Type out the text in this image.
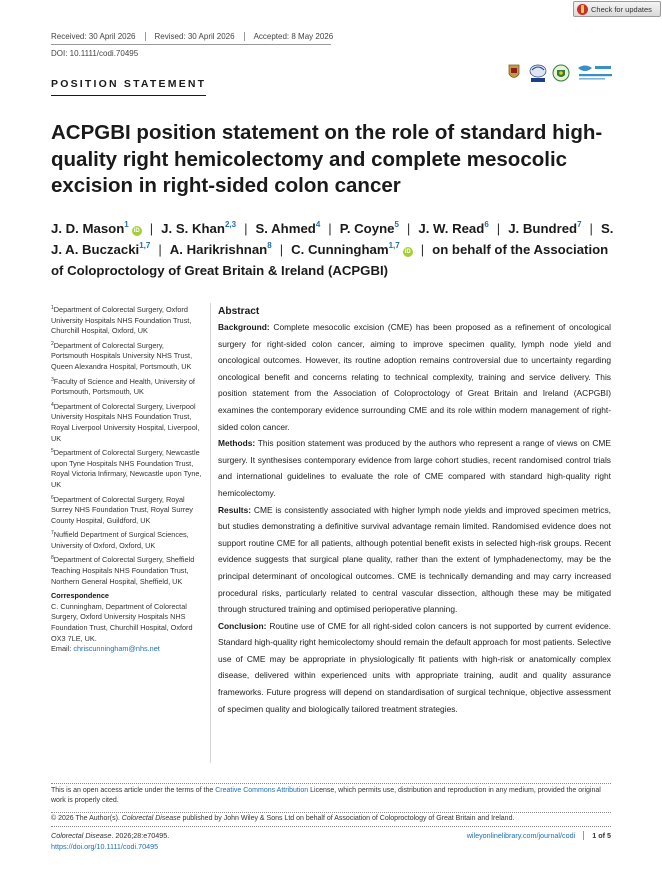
Check for updates
Received: 30 April 2026	Revised: 30 April 2026	Accepted: 8 May 2026
DOI: 10.1111/codi.70495
POSITION STATEMENT
ACPGBI position statement on the role of standard high-quality right hemicolectomy and complete mesocolic excision in right-sided colon cancer
J. D. Mason$^1$iD | J. S. Khan$^{2,3}$ | S. Ahmed$^4$ | P. Coyne$^5$ | J. W. Read$^6$ | J. Bundred$^7$ | S. J. A. Buczacki$^{1,7}$ | A. Harikrishnan$^8$ | C. Cunningham$^{1,7}$iD | on behalf of the Association of Coloproctology of Great Britain & Ireland (ACPGBI)
$^1$Department of Colorectal Surgery, Oxford University Hospitals NHS Foundation Trust, Churchill Hospital, Oxford, UK
$^2$Department of Colorectal Surgery, Portsmouth Hospitals University NHS Trust, Queen Alexandra Hospital, Portsmouth, UK
$^3$Faculty of Science and Health, University of Portsmouth, Portsmouth, UK
$^4$Department of Colorectal Surgery, Liverpool University Hospitals NHS Foundation Trust, Royal Liverpool University Hospital, Liverpool, UK
$^5$Department of Colorectal Surgery, Newcastle upon Tyne Hospitals NHS Foundation Trust, Royal Victoria Infirmary, Newcastle upon Tyne, UK
$^6$Department of Colorectal Surgery, Royal Surrey NHS Foundation Trust, Royal Surrey County Hospital, Guildford, UK
$^7$Nuffield Department of Surgical Sciences, University of Oxford, Oxford, UK
$^8$Department of Colorectal Surgery, Sheffield Teaching Hospitals NHS Foundation Trust, Northern General Hospital, Sheffield, UK
Correspondence
C. Cunningham, Department of Colorectal Surgery, Oxford University Hospitals NHS Foundation Trust, Churchill Hospital, Oxford OX3 7LE, UK.
Email: chriscunningham@nhs.net
Abstract

Background: Complete mesocolic excision (CME) has been proposed as a refinement of oncological surgery for right-sided colon cancer, aiming to improve specimen quality, lymph node yield and oncological outcomes. However, its routine adoption remains controversial due to uncertainty regarding oncological benefit and concerns relating to technical complexity, training and service delivery. This position statement from the Association of Coloproctology of Great Britain and Ireland (ACPGBI) examines the contemporary evidence surrounding CME and its role within modern management of right-sided colon cancer.

Methods: This position statement was produced by the authors who represent a range of views on CME surgery. It synthesises contemporary evidence from large cohort studies, recent randomised control trials and international guidelines to evaluate the role of CME compared with standard high-quality right hemicolectomy.

Results: CME is consistently associated with higher lymph node yields and improved specimen metrics, but studies demonstrating a definitive survival advantage remain limited. Randomised evidence does not support routine CME for all patients, although potential benefit exists in selected high-risk groups. Recent evidence suggests that surgical plane quality, rather than the extent of lymphadenectomy, may be the principal determinant of oncological outcomes. CME is technically demanding and may carry increased procedural risks, particularly related to central vascular dissection, although these may be mitigated through structured training and optimised perioperative planning.

Conclusion: Routine use of CME for all right-sided colon cancers is not supported by current evidence. Standard high-quality right hemicolectomy should remain the default approach for most patients. Selective use of CME may be appropriate in physiologically fit patients with high-risk or anatomically complex disease, delivered within experienced units with appropriate training, audit and quality assurance frameworks. Future progress will depend on standardisation of surgical technique, objective assessment of specimen quality and biologically tailored treatment strategies.

This is an open access article under the terms of the Creative Commons Attribution License, which permits use, distribution and reproduction in any medium, provided the original work is properly cited.
© 2026 The Author(s). Colorectal Disease published by John Wiley & Sons Ltd on behalf of Association of Coloproctology of Great Britain and Ireland.
Colorectal Disease. 2026;28:e70495.
https://doi.org/10.1111/codi.70495
wileyonlinelibrary.com/journal/codi	1 of 5
